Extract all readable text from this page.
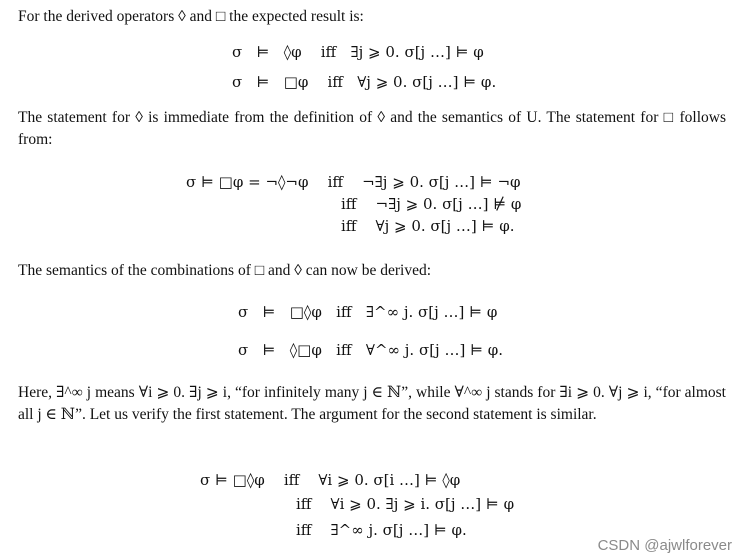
For the derived operators ◊ and □ the expected result is:
σ   ⊨   ◊φ    iff   ∃j ⩾ 0. σ[j …] ⊨ φ
σ   ⊨   □φ    iff   ∀j ⩾ 0. σ[j …] ⊨ φ.
The statement for ◊ is immediate from the definition of ◊ and the semantics of U. The statement for □ follows from:
σ ⊨ □φ = ¬◊¬φ    iff    ¬∃j ⩾ 0. σ[j …] ⊨ ¬φ
iff    ¬∃j ⩾ 0. σ[j …] ⊭ φ
iff    ∀j ⩾ 0. σ[j …] ⊨ φ.
The semantics of the combinations of □ and ◊ can now be derived:
σ   ⊨   □◊φ   iff   ∃^∞ j. σ[j …] ⊨ φ
σ   ⊨   ◊□φ   iff   ∀^∞ j. σ[j …] ⊨ φ.
Here, ∃^∞ j means ∀i ⩾ 0. ∃j ⩾ i, “for infinitely many j ∈ ℕ”, while ∀^∞ j stands for ∃i ⩾ 0. ∀j ⩾ i, “for almost all j ∈ ℕ”. Let us verify the first statement. The argument for the second statement is similar.
σ ⊨ □◊φ    iff    ∀i ⩾ 0. σ[i …] ⊨ ◊φ
iff    ∀i ⩾ 0. ∃j ⩾ i. σ[j …] ⊨ φ
iff    ∃^∞ j. σ[j …] ⊨ φ.
CSDN @ajwlforever
